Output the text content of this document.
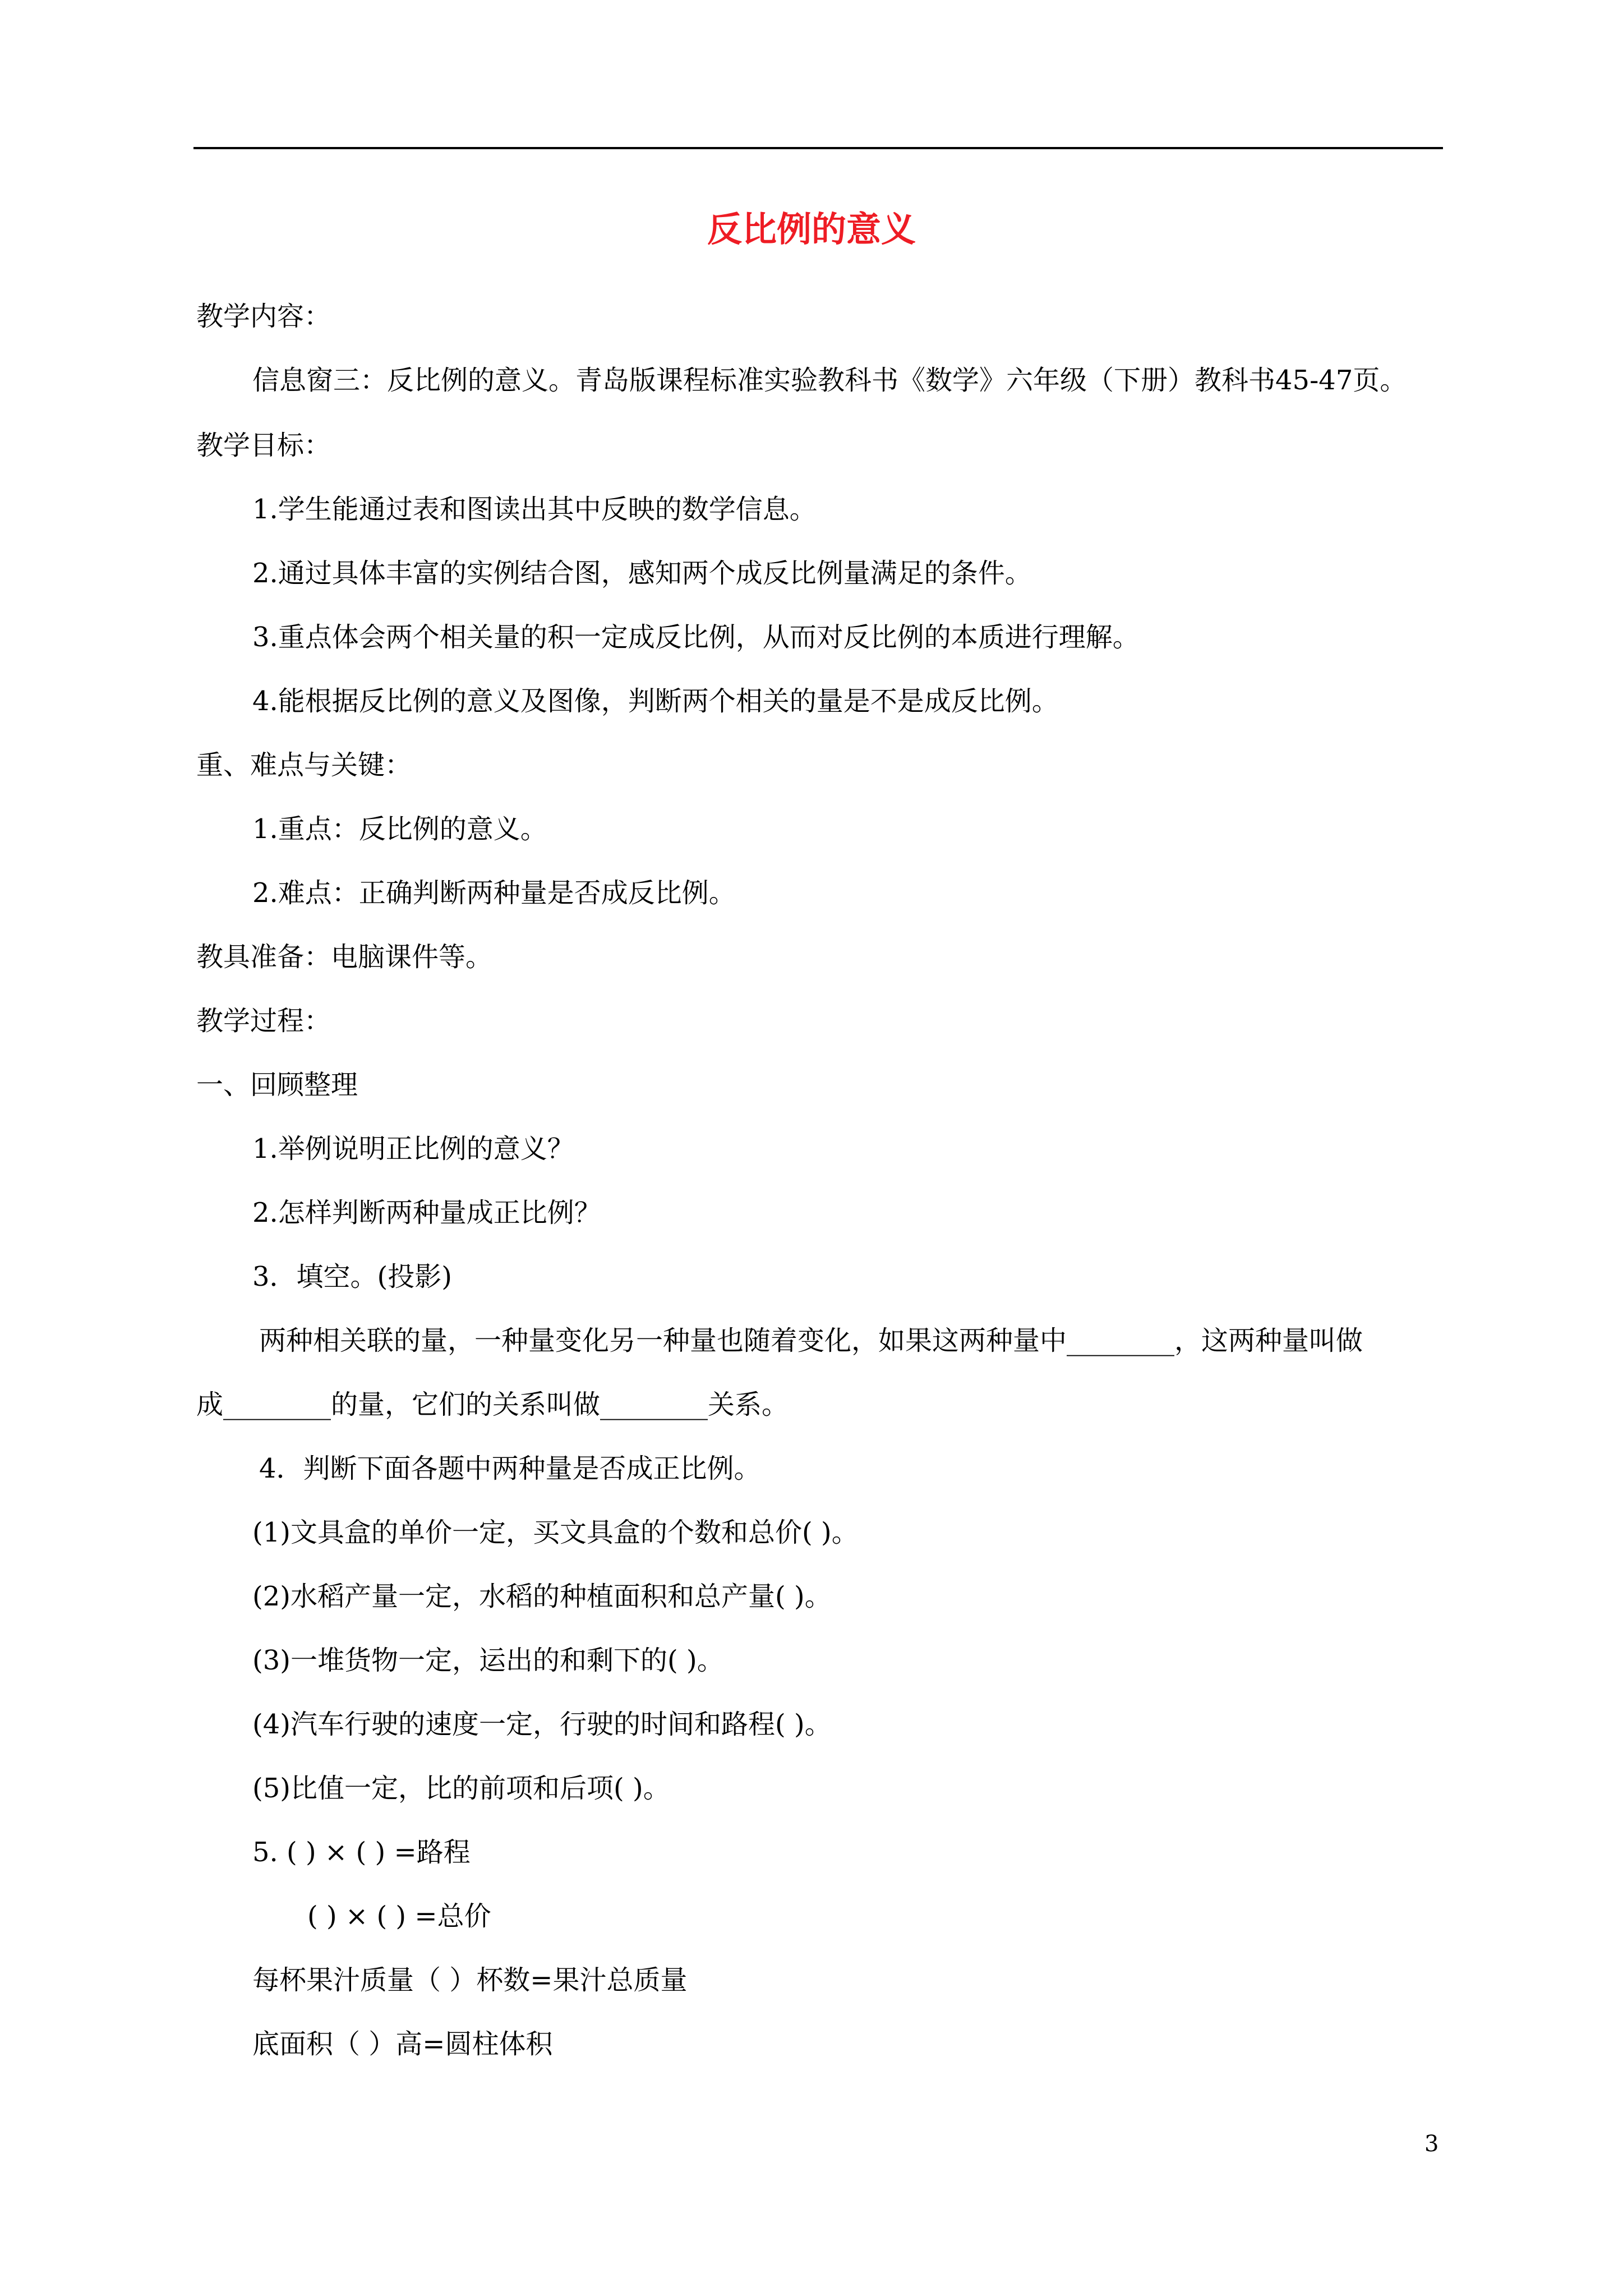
反比例的意义
教学内容：
信息窗三：反比例的意义。青岛版课程标准实验教科书《数学》六年级（下册）教科书45-47页。
教学目标：
1.学生能通过表和图读出其中反映的数学信息。
2.通过具体丰富的实例结合图，感知两个成反比例量满足的条件。
3.重点体会两个相关量的积一定成反比例，从而对反比例的本质进行理解。
4.能根据反比例的意义及图像，判断两个相关的量是不是成反比例。
重、难点与关键：
1.重点：反比例的意义。
2.难点：正确判断两种量是否成反比例。
教具准备：电脑课件等。
教学过程：
一、回顾整理
1.举例说明正比例的意义？
2.怎样判断两种量成正比例？
3．填空。(投影)
两种相关联的量，一种量变化另一种量也随着变化，如果这两种量中________，这两种量叫做
成________的量，它们的关系叫做________关系。
4．判断下面各题中两种量是否成正比例。
(1)文具盒的单价一定，买文具盒的个数和总价( )。
(2)水稻产量一定，水稻的种植面积和总产量( )。
(3)一堆货物一定，运出的和剩下的( )。
(4)汽车行驶的速度一定，行驶的时间和路程( )。
(5)比值一定，比的前项和后项( )。
5. ( ) × ( ) =路程
( ) × ( ) =总价
每杯果汁质量（ ）杯数=果汁总质量
底面积（ ）高=圆柱体积
3
